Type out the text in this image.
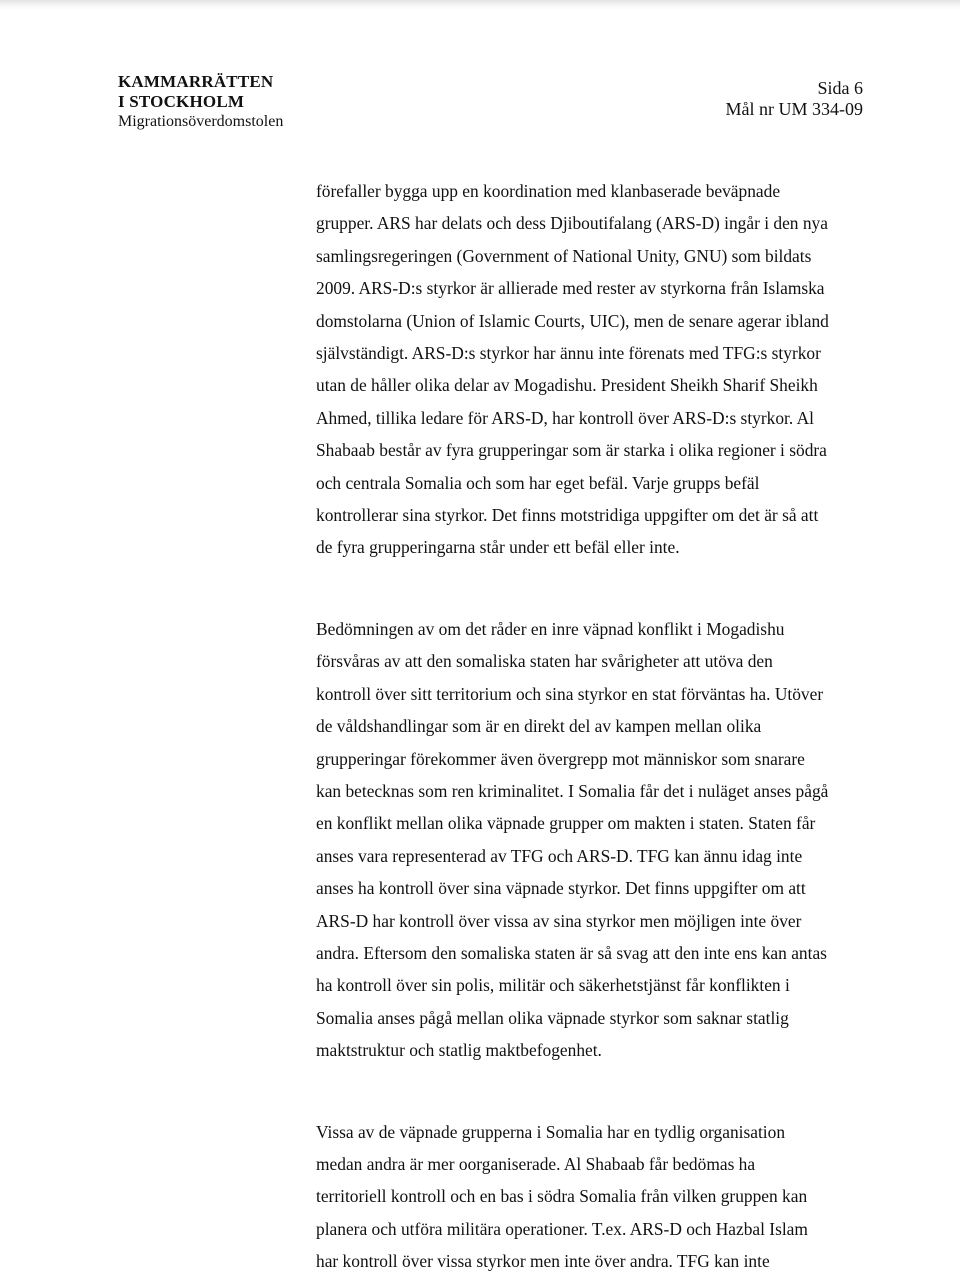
KAMMARRÄTTEN
I STOCKHOLM
Migrationsöverdomstolen
Sida 6
Mål nr UM 334-09

förefaller bygga upp en koordination med klanbaserade beväpnade
grupper. ARS har delats och dess Djiboutifalang (ARS-D) ingår i den nya
samlingsregeringen (Government of National Unity, GNU) som bildats
2009. ARS-D:s styrkor är allierade med rester av styrkorna från Islamska
domstolarna (Union of Islamic Courts, UIC), men de senare agerar ibland
självständigt. ARS-D:s styrkor har ännu inte förenats med TFG:s styrkor
utan de håller olika delar av Mogadishu. President Sheikh Sharif Sheikh
Ahmed, tillika ledare för ARS-D, har kontroll över ARS-D:s styrkor. Al
Shabaab består av fyra grupperingar som är starka i olika regioner i södra
och centrala Somalia och som har eget befäl. Varje grupps befäl
kontrollerar sina styrkor. Det finns motstridiga uppgifter om det är så att
de fyra grupperingarna står under ett befäl eller inte.

Bedömningen av om det råder en inre väpnad konflikt i Mogadishu
försvåras av att den somaliska staten har svårigheter att utöva den
kontroll över sitt territorium och sina styrkor en stat förväntas ha. Utöver
de våldshandlingar som är en direkt del av kampen mellan olika
grupperingar förekommer även övergrepp mot människor som snarare
kan betecknas som ren kriminalitet. I Somalia får det i nuläget anses pågå
en konflikt mellan olika väpnade grupper om makten i staten. Staten får
anses vara representerad av TFG och ARS-D. TFG kan ännu idag inte
anses ha kontroll över sina väpnade styrkor. Det finns uppgifter om att
ARS-D har kontroll över vissa av sina styrkor men möjligen inte över
andra. Eftersom den somaliska staten är så svag att den inte ens kan antas
ha kontroll över sin polis, militär och säkerhetstjänst får konflikten i
Somalia anses pågå mellan olika väpnade styrkor som saknar statlig
maktstruktur och statlig maktbefogenhet.

Vissa av de väpnade grupperna i Somalia har en tydlig organisation
medan andra är mer oorganiserade. Al Shabaab får bedömas ha
territoriell kontroll och en bas i södra Somalia från vilken gruppen kan
planera och utföra militära operationer. T.ex. ARS-D och Hazbal Islam
har kontroll över vissa styrkor men inte över andra. TFG kan inte
